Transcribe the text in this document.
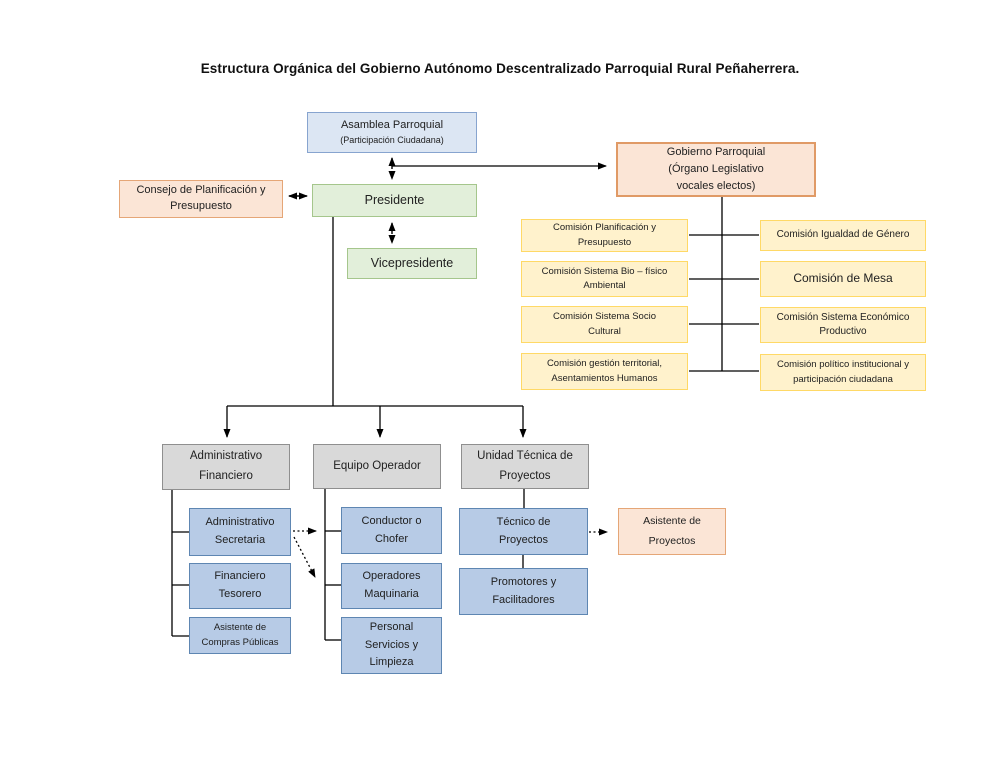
Estructura Orgánica del Gobierno Autónomo Descentralizado Parroquial Rural Peñaherrera.
Asamblea Parroquial
(Participación Ciudadana)
Consejo de Planificación y
Presupuesto	Presidente
Gobierno Parroquial
(Órgano Legislativo
vocales electos)
Vicepresidente
Comisión Planificación y
Presupuesto
Comisión Sistema Bio – físico
Ambiental
Comisión Sistema Socio
Cultural
Comisión gestión territorial,
Asentamientos Humanos
Comisión Igualdad de Género
Comisión de Mesa
Comisión Sistema Económico
Productivo
Comisión político institucional y
participación ciudadana
Administrativo
Financiero
Equipo Operador
Unidad Técnica de
Proyectos
Administrativo
Secretaria
Financiero
Tesorero
Asistente de
Compras Públicas
Conductor o
Chofer
Operadores
Maquinaria
Personal
Servicios y
Limpieza
Técnico de
Proyectos
Promotores y
Facilitadores
Asistente de
Proyectos
